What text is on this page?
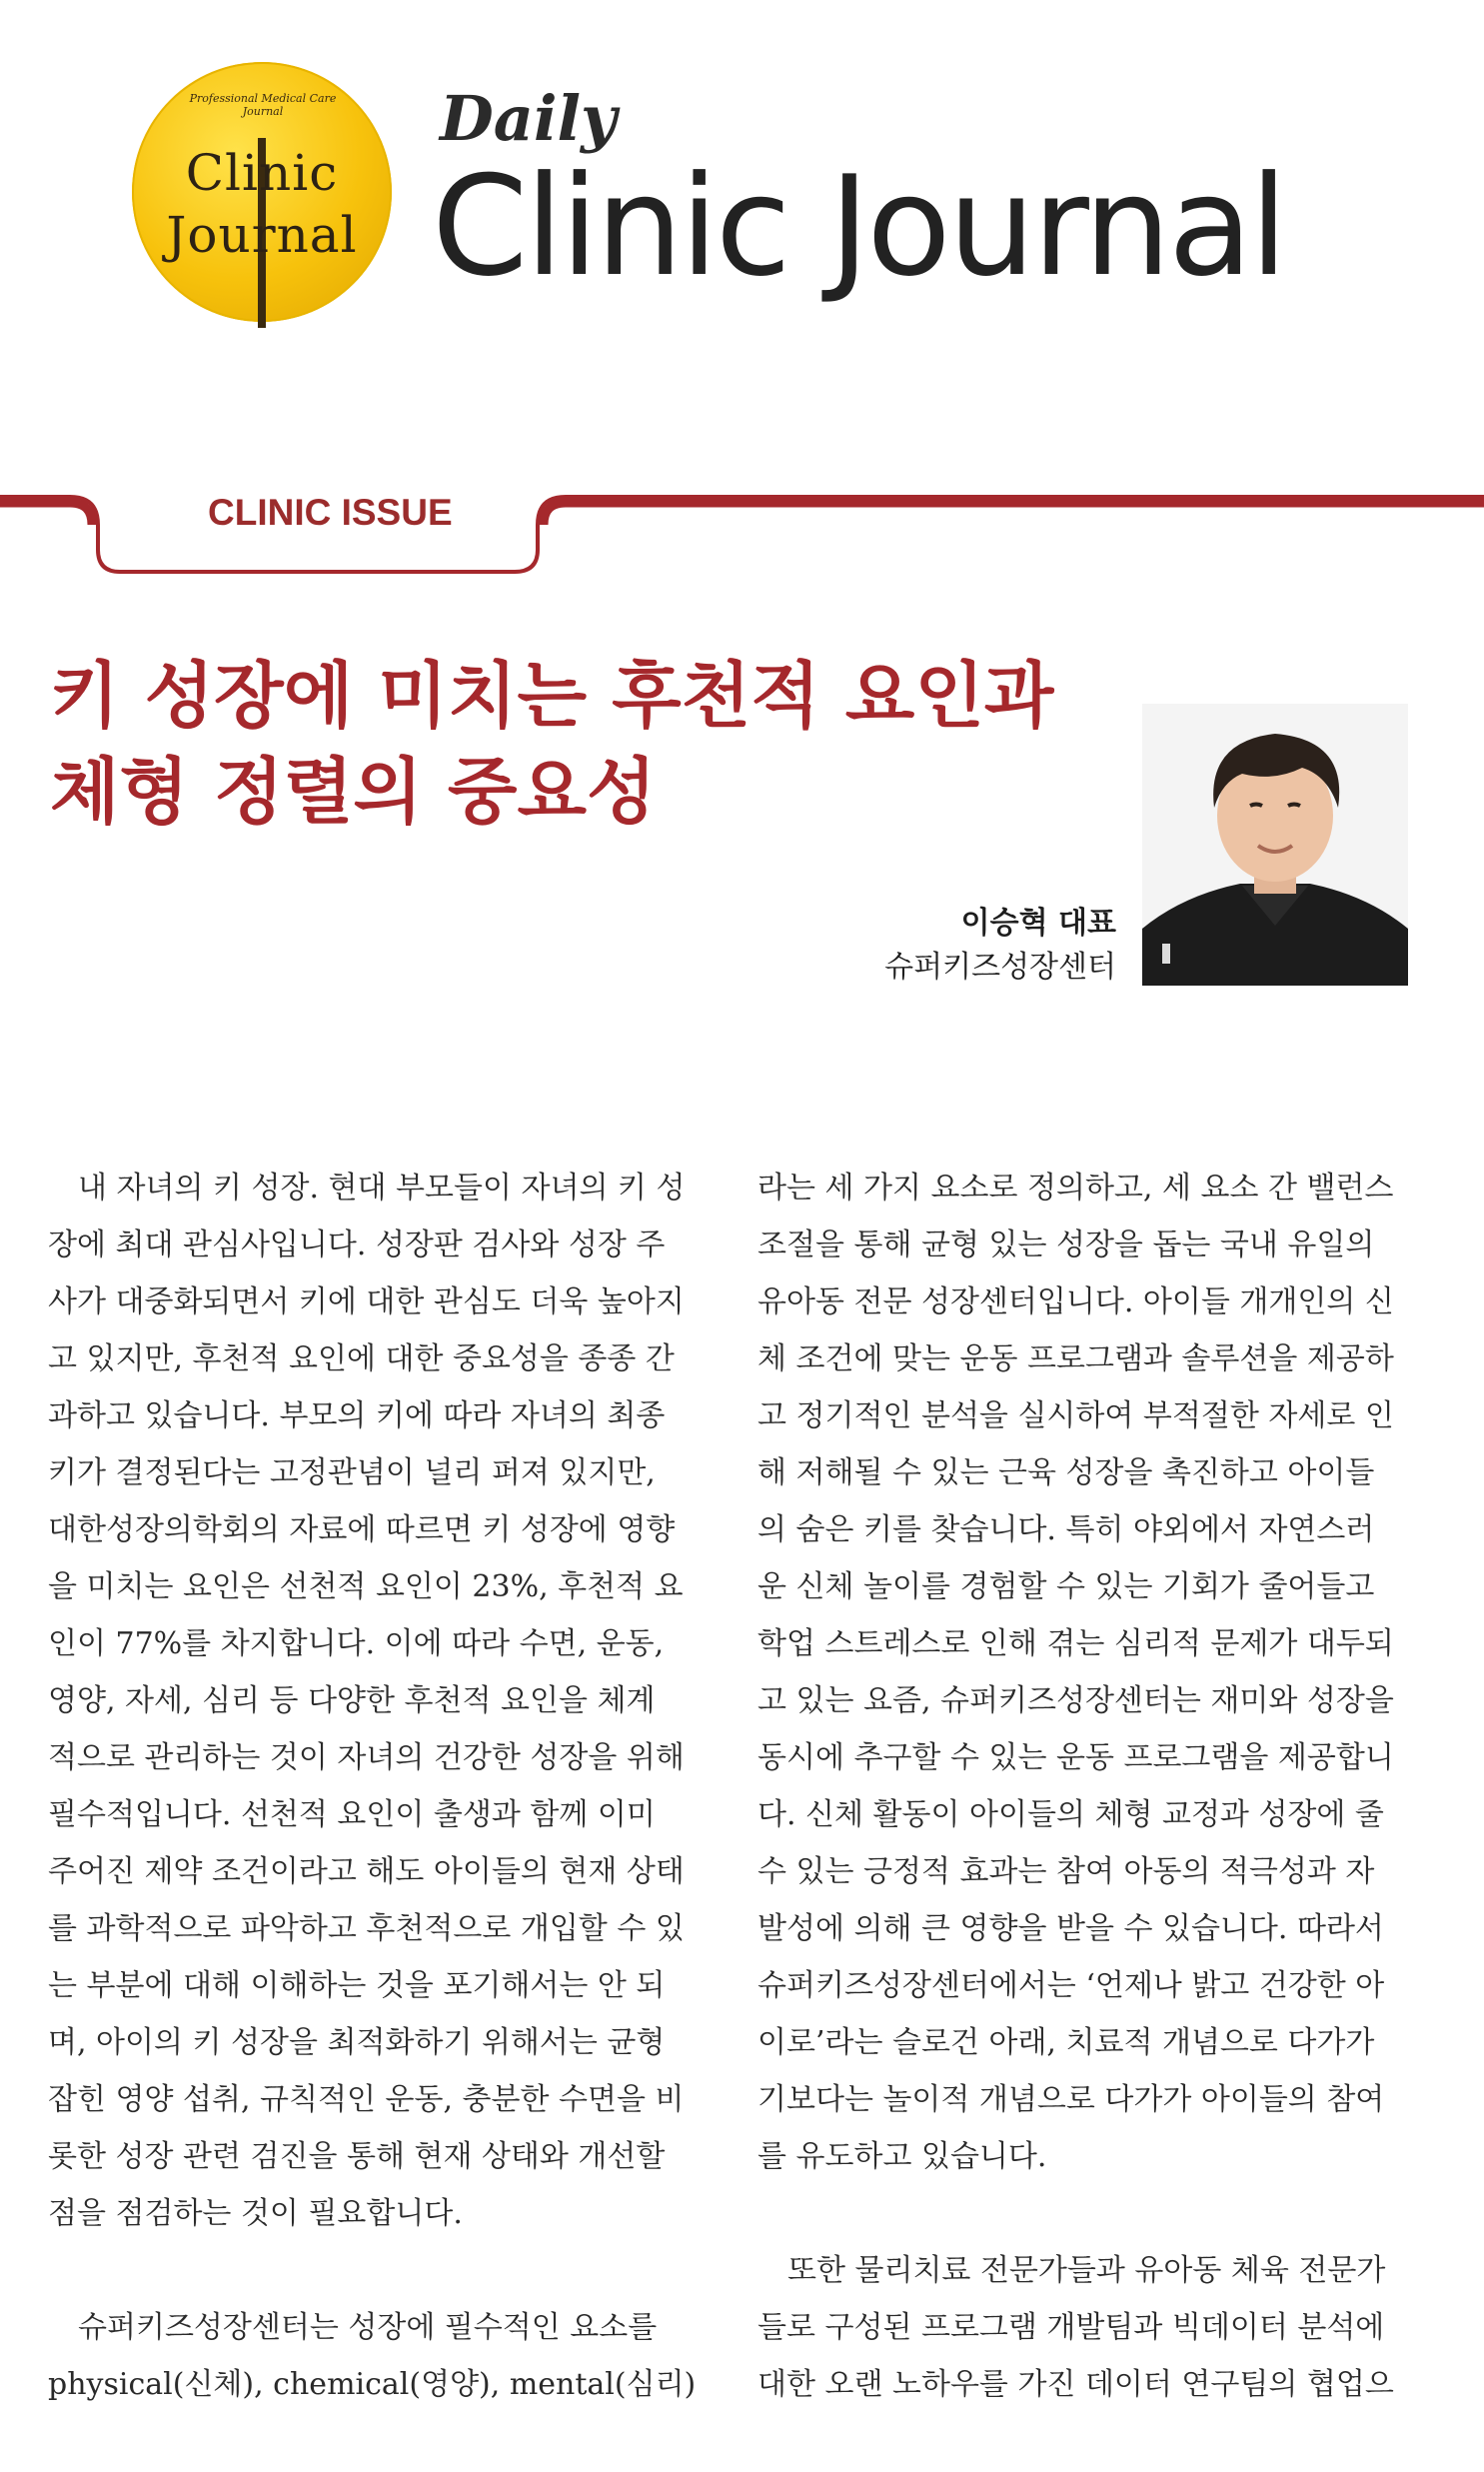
Professional Medical Care Journal
Clinic
Journal
Daily
Clinic Journal
CLINIC ISSUE
키 성장에 미치는 후천적 요인과
체형 정렬의 중요성
이승혁 대표
슈퍼키즈성장센터

　내 자녀의 키 성장. 현대 부모들이 자녀의 키 성

장에 최대 관심사입니다. 성장판 검사와 성장 주

사가 대중화되면서 키에 대한 관심도 더욱 높아지

고 있지만, 후천적 요인에 대한 중요성을 종종 간

과하고 있습니다. 부모의 키에 따라 자녀의 최종

키가 결정된다는 고정관념이 널리 퍼져 있지만,

대한성장의학회의 자료에 따르면 키 성장에 영향

을 미치는 요인은 선천적 요인이 23%, 후천적 요

인이 77%를 차지합니다. 이에 따라 수면, 운동,

영양, 자세, 심리 등 다양한 후천적 요인을 체계

적으로 관리하는 것이 자녀의 건강한 성장을 위해

필수적입니다. 선천적 요인이 출생과 함께 이미

주어진 제약 조건이라고 해도 아이들의 현재 상태

를 과학적으로 파악하고 후천적으로 개입할 수 있

는 부분에 대해 이해하는 것을 포기해서는 안 되

며, 아이의 키 성장을 최적화하기 위해서는 균형

잡힌 영양 섭취, 규칙적인 운동, 충분한 수면을 비

롯한 성장 관련 검진을 통해 현재 상태와 개선할

점을 점검하는 것이 필요합니다.

　슈퍼키즈성장센터는 성장에 필수적인 요소를

physical(신체), chemical(영양), mental(심리)

라는 세 가지 요소로 정의하고, 세 요소 간 밸런스

조절을 통해 균형 있는 성장을 돕는 국내 유일의

유아동 전문 성장센터입니다. 아이들 개개인의 신

체 조건에 맞는 운동 프로그램과 솔루션을 제공하

고 정기적인 분석을 실시하여 부적절한 자세로 인

해 저해될 수 있는 근육 성장을 촉진하고 아이들

의 숨은 키를 찾습니다. 특히 야외에서 자연스러

운 신체 놀이를 경험할 수 있는 기회가 줄어들고

학업 스트레스로 인해 겪는 심리적 문제가 대두되

고 있는 요즘, 슈퍼키즈성장센터는 재미와 성장을

동시에 추구할 수 있는 운동 프로그램을 제공합니

다. 신체 활동이 아이들의 체형 교정과 성장에 줄

수 있는 긍정적 효과는 참여 아동의 적극성과 자

발성에 의해 큰 영향을 받을 수 있습니다. 따라서

슈퍼키즈성장센터에서는 ‘언제나 밝고 건강한 아

이로’라는 슬로건 아래, 치료적 개념으로 다가가

기보다는 놀이적 개념으로 다가가 아이들의 참여

를 유도하고 있습니다.

　또한 물리치료 전문가들과 유아동 체육 전문가

들로 구성된 프로그램 개발팀과 빅데이터 분석에

대한 오랜 노하우를 가진 데이터 연구팀의 협업으
